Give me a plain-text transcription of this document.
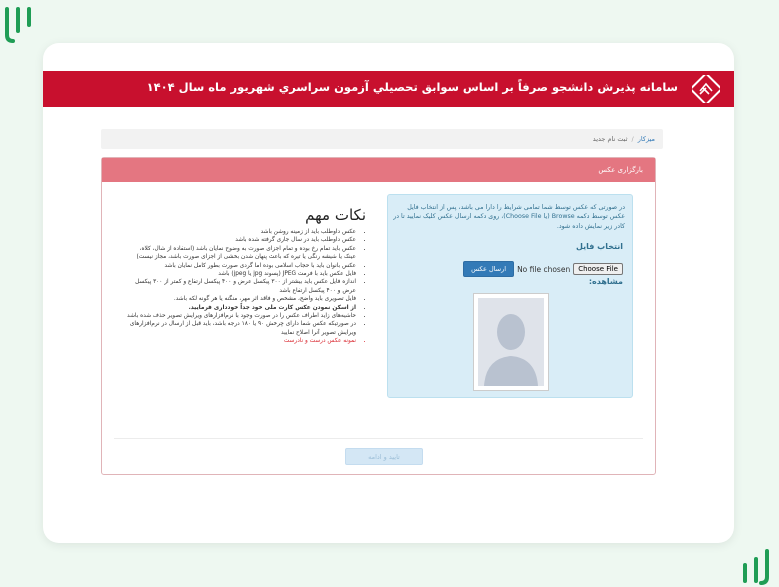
سامانه پذیرش دانشجو صرفاً بر اساس سوابق تحصيلي آزمون سراسري شهريور ماه سال ۱۴۰۴
میزکار/ثبت نام جدید
بارگزاری عکس
در صورتی که عکس توسط شما تمامی شرایط را دارا می باشد، پس از انتخاب فایل عکس توسط دکمه Browse (یا Choose File)، روی دکمه ارسال عکس کلیک نمایید تا در کادر زیر نمایش داده شود.
انتخاب فایل
ارسال عکس	No file chosen	Choose File
مشاهده:
نکات مهم
• عکس داوطلب باید از زمینه روشن باشد
• عکس داوطلب باید در سال جاری گرفته شده باشد
• عکس باید تمام رخ بوده و تمام اجزای صورت به وضوح نمایان باشد (استفاده از شال، کلاه، عینک یا شیشه رنگی یا تیره که باعث پنهان شدن بخشی از اجزای صورت باشد، مجاز نیست)
• عکس بانوان باید با حجاب اسلامی بوده اما گردی صورت بطور کامل نمایان باشد
• فایل عکس باید با فرمت JPEG (پسوند jpg یا jpeg) باشد
• اندازه فایل عکس باید بیشتر از ۳۰۰ پیکسل عرض و ۴۰۰ پیکسل ارتفاع و کمتر از ۳۰۰ پیکسل عرض و ۴۰۰ پیکسل ارتفاع باشد
• فایل تصویری باید واضح، مشخص و فاقد اثر مهر، منگنه یا هر گونه لکه باشد.
• از اسکن نمودن عکس کارت ملی خود جداً خودداری فرمایید.
• حاشیه‌های زاید اطراف عکس را در صورت وجود با نرم‌افزارهای ویرایش تصویر حذف شده باشد
• در صورتیکه عکس شما دارای چرخش ۹۰ یا ۱۸۰ درجه باشد، باید قبل از ارسال در نرم‌افزارهای ویرایش تصویر آنرا اصلاح نمایید
• نمونه عکس درست و نادرست
تایید و ادامه
